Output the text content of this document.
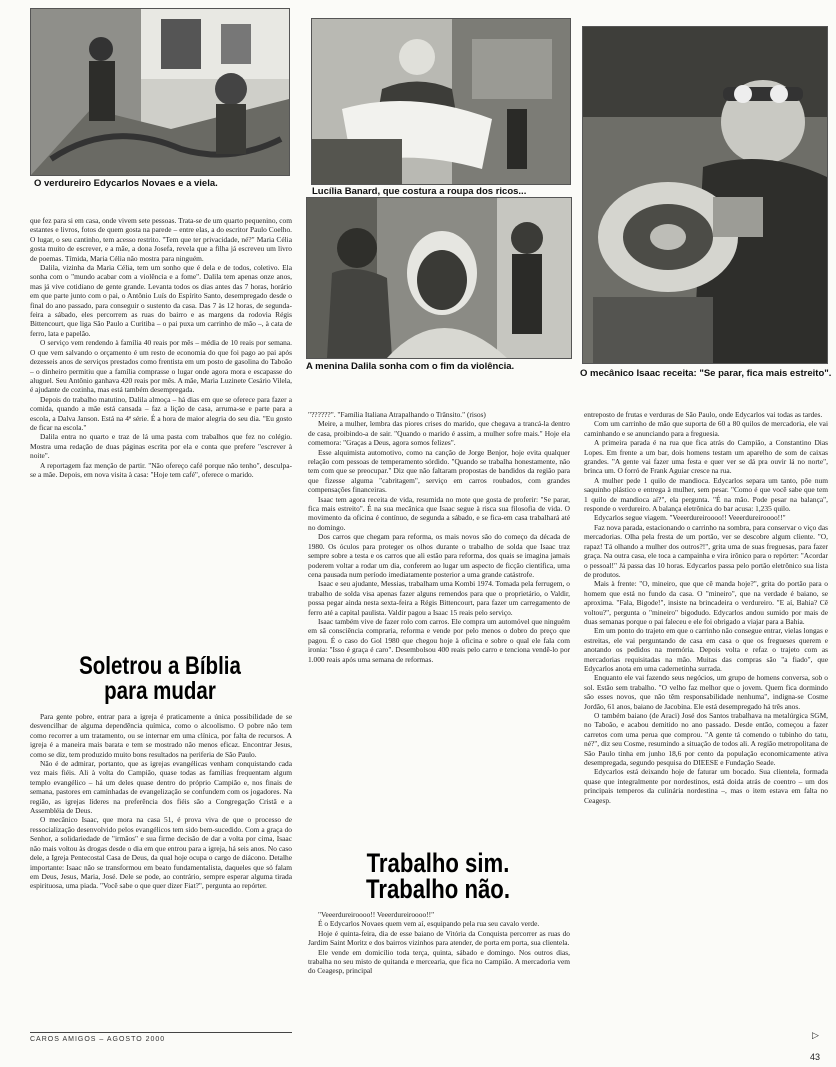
O verdureiro Edycarlos Novaes e a viela.
Lucília Banard, que costura a roupa dos ricos...
A menina Dalila sonha com o fim da violência.
O mecânico Isaac receita: "Se parar, fica mais estreito".

que fez para si em casa, onde vivem sete pessoas. Trata-se de um quarto pequenino, com estantes e livros, fotos de quem gosta na parede – entre elas, a do escritor Paulo Coelho. O lugar, o seu cantinho, tem acesso restrito. "Tem que ter privacidade, né?" Maria Célia gosta muito de escrever, e a mãe, a dona Josefa, revela que a filha já escreveu um livro de poemas. Tímida, Maria Célia não mostra para ninguém.

Dalila, vizinha da Maria Célia, tem um sonho que é dela e de todos, coletivo. Ela sonha com o "mundo acabar com a violência e a fome". Dalila tem apenas onze anos, mas já vive cotidiano de gente grande. Levanta todos os dias antes das 7 horas, horário em que parte junto com o pai, o Antônio Luís do Espírito Santo, desempregado desde o final do ano passado, para conseguir o sustento da casa. Das 7 às 12 horas, de segunda-feira a sábado, eles percorrem as ruas do bairro e as margens da rodovia Régis Bittencourt, que liga São Paulo a Curitiba – o pai puxa um carrinho de mão –, à cata de ferro, lata e papelão.

O serviço vem rendendo à família 40 reais por mês – média de 10 reais por semana. O que vem salvando o orçamento é um resto de economia do que foi pago ao pai após dezesseis anos de serviços prestados como frentista em um posto de gasolina do Taboão – o dinheiro permitiu que a família comprasse o lugar onde agora mora e escapasse do aluguel. Seu Antônio ganhava 420 reais por mês. A mãe, Maria Luzinete Cesário Vilela, é ajudante de cozinha, mas está também desempregada.

Depois do trabalho matutino, Dalila almoça – há dias em que se oferece para fazer a comida, quando a mãe está cansada – faz a lição de casa, arruma-se e parte para a escola, a Dalva Janson. Está na 4ª série. É a hora de maior alegria do seu dia. "Eu gosto de ficar na escola."

Dalila entra no quarto e traz de lá uma pasta com trabalhos que fez no colégio. Mostra uma redação de duas páginas escrita por ela e conta que prefere "escrever à noite".

A reportagem faz menção de partir. "Não ofereço café porque não tenho", desculpa-se a mãe. Depois, em nova visita à casa: "Hoje tem café", oferece o marido.

Soletrou a Bíblia para mudar

Para gente pobre, entrar para a igreja é praticamente a única possibilidade de se desvencilhar de alguma dependência química, como o alcoolismo. O pobre não tem como recorrer a um tratamento, ou se internar em uma clínica, por falta de recursos. A igreja é a maneira mais barata e tem se mostrado não menos eficaz. Encontrar Jesus, como se diz, tem produzido muito bons resultados na periferia de São Paulo.

Não é de admirar, portanto, que as igrejas evangélicas venham conquistando cada vez mais fiéis. Ali à volta do Campião, quase todas as famílias frequentam algum templo evangélico – há um deles quase dentro do próprio Campião e, nos finais de semana, pastores em caminhadas de evangelização se confundem com os jogadores. Na região, as igrejas líderes na preferência dos fiéis são a Congregação Cristã e a Assembléia de Deus.

O mecânico Isaac, que mora na casa 51, é prova viva de que o processo de ressocialização desenvolvido pelos evangélicos tem sido bem-sucedido. Com a graça do Senhor, a solidariedade de "irmãos" e sua firme decisão de dar a volta por cima, Isaac não mais voltou às drogas desde o dia em que entrou para a igreja, há seis anos. No caso dele, a Igreja Pentecostal Casa de Deus, da qual hoje ocupa o cargo de diácono. Detalhe importante: Isaac não se transformou em beato fundamentalista, daqueles que só falam em Deus, Jesus, Maria, José. Dele se pode, ao contrário, sempre esperar alguma tirada espirituosa, uma piada. "Você sabe o que quer dizer Fiat?", pergunta ao repórter.

"??????". "Família Italiana Atrapalhando o Trânsito." (risos)

Meire, a mulher, lembra das piores crises do marido, que chegava a trancá-la dentro de casa, proibindo-a de sair. "Quando o marido é assim, a mulher sofre mais." Hoje ela comemora: "Graças a Deus, agora somos felizes".

Esse alquimista automotivo, como na canção de Jorge Benjor, hoje evita qualquer relação com pessoas de temperamento sórdido. "Quando se trabalha honestamente, não tem com que se preocupar." Diz que não faltaram propostas de bandidos da região para que fizesse alguma "cabritagem", serviço em carros roubados, com grandes compensações financeiras.

Isaac tem agora receita de vida, resumida no mote que gosta de proferir: "Se parar, fica mais estreito". É na sua mecânica que Isaac segue à risca sua filosofia de vida. O movimento da oficina é contínuo, de segunda a sábado, e se fica-em casa trabalhará até no domingo.

Dos carros que chegam para reforma, os mais novos são do começo da década de 1980. Os óculos para proteger os olhos durante o trabalho de solda que Isaac traz sempre sobre a testa e os carros que ali estão para reforma, dos quais se imagina jamais poderem voltar a rodar um dia, conferem ao lugar um aspecto de ficção científica, uma cena pausada num período imediatamente posterior a uma grande catástrofe.

Isaac e seu ajudante, Messias, trabalham uma Kombi 1974. Tomada pela ferrugem, o trabalho de solda visa apenas fazer alguns remendos para que o proprietário, o Valdir, possa pegar ainda nesta sexta-feira a Régis Bittencourt, para fazer um carregamento de ferro até a capital paulista. Valdir pagou a Isaac 15 reais pelo serviço.

Isaac também vive de fazer rolo com carros. Ele compra um automóvel que ninguém em sã consciência compraria, reforma e vende por pelo menos o dobro do preço que pagou. É o caso do Gol 1980 que chegou hoje à oficina e sobre o qual ele fala com ironia: "Isso é graça é caro". Desembolsou 400 reais pelo carro e tenciona vendê-lo por 1.000 reais após uma semana de reformas.

Trabalho sim. Trabalho não.

"Veeerdureiroooo!! Veeerdureiroooo!!"

É o Edycarlos Novaes quem vem aí, esquipando pela rua seu cavalo verde.

Hoje é quinta-feira, dia de esse baiano de Vitória da Conquista percorrer as ruas do Jardim Saint Moritz e dos bairros vizinhos para atender, de porta em porta, sua clientela.

Ele vende em domicílio toda terça, quinta, sábado e domingo. Nos outros dias, trabalha no seu misto de quitanda e mercearia, que fica no Campião. A mercadoria vem do Ceagesp, principal

entreposto de frutas e verduras de São Paulo, onde Edycarlos vai todas as tardes.

Com um carrinho de mão que suporta de 60 a 80 quilos de mercadoria, ele vai caminhando e se anunciando para a freguesia.

A primeira parada é na rua que fica atrás do Campião, a Constantino Dias Lopes. Em frente a um bar, dois homens testam um aparelho de som de caixas grandes. "A gente vai fazer uma festa e quer ver se dá pra ouvir lá no norte", brinca um. O forró de Frank Aguiar cresce na rua.

A mulher pede 1 quilo de mandioca. Edycarlos separa um tanto, põe num saquinho plástico e entrega à mulher, sem pesar. "Como é que você sabe que tem 1 quilo de mandioca aí?", ela pergunta. "É na mão. Pode pesar na balança", responde o verdureiro. A balança eletrônica do bar acusa: 1,235 quilo.

Edycarlos segue viagem. "Veeerdureiroooo!! Veeerdureiroooo!!"

Faz nova parada, estacionando o carrinho na sombra, para conservar o viço das mercadorias. Olha pela fresta de um portão, ver se descobre algum cliente. "O, rapaz! Tá olhando a mulher dos outros?!", grita uma de suas freguesas, para fazer graça. Na outra casa, ele toca a campainha e vira irônico para o repórter: "Acordar o pessoal!" Já passa das 10 horas. Edycarlos passa pelo portão eletrônico sua lista de produtos.

Mais à frente: "O, mineiro, que que cê manda hoje?", grita do portão para o homem que está no fundo da casa. O "mineiro", que na verdade é baiano, se aproxima. "Fala, Bigode!", insiste na brincadeira o verdureiro. "E aí, Bahia? Cê voltou?", pergunta o "mineiro" bigodudo. Edycarlos andou sumido por mais de duas semanas porque o pai faleceu e ele foi obrigado a viajar para a Bahia.

Em um ponto do trajeto em que o carrinho não consegue entrar, vielas longas e estreitas, ele vai perguntando de casa em casa o que os fregueses querem e anotando os pedidos na memória. Depois volta e refaz o trajeto com as mercadorias requisitadas na mão. Muitas das compras são "a fiado", que Edycarlos anota em uma cadernetinha surrada.

Enquanto ele vai fazendo seus negócios, um grupo de homens conversa, sob o sol. Estão sem trabalho. "O velho faz melhor que o jovem. Quem fica dormindo são esses novos, que não têm responsabilidade nenhuma", indigna-se Cosme Jordão, 61 anos, baiano de Jacobina. Ele está desempregado há três anos.

O também baiano (de Araci) José dos Santos trabalhava na metalúrgica SGM, no Taboão, e acabou demitido no ano passado. Desde então, começou a fazer carretos com uma perua que comprou. "A gente tá comendo o tubinho do tatu, né?", diz seu Cosme, resumindo a situação de todos ali. A região metropolitana de São Paulo tinha em junho 18,6 por cento da população economicamente ativa desempregada, segundo pesquisa do DIEESE e Fundação Seade.

Edycarlos está deixando hoje de faturar um bocado. Sua clientela, formada quase que integralmente por nordestinos, está doida atrás de coentro – um dos principais temperos da culinária nordestina –, mas o item estava em falta no Ceagesp.

CAROS AMIGOS – AGOSTO 2000	▷
43
